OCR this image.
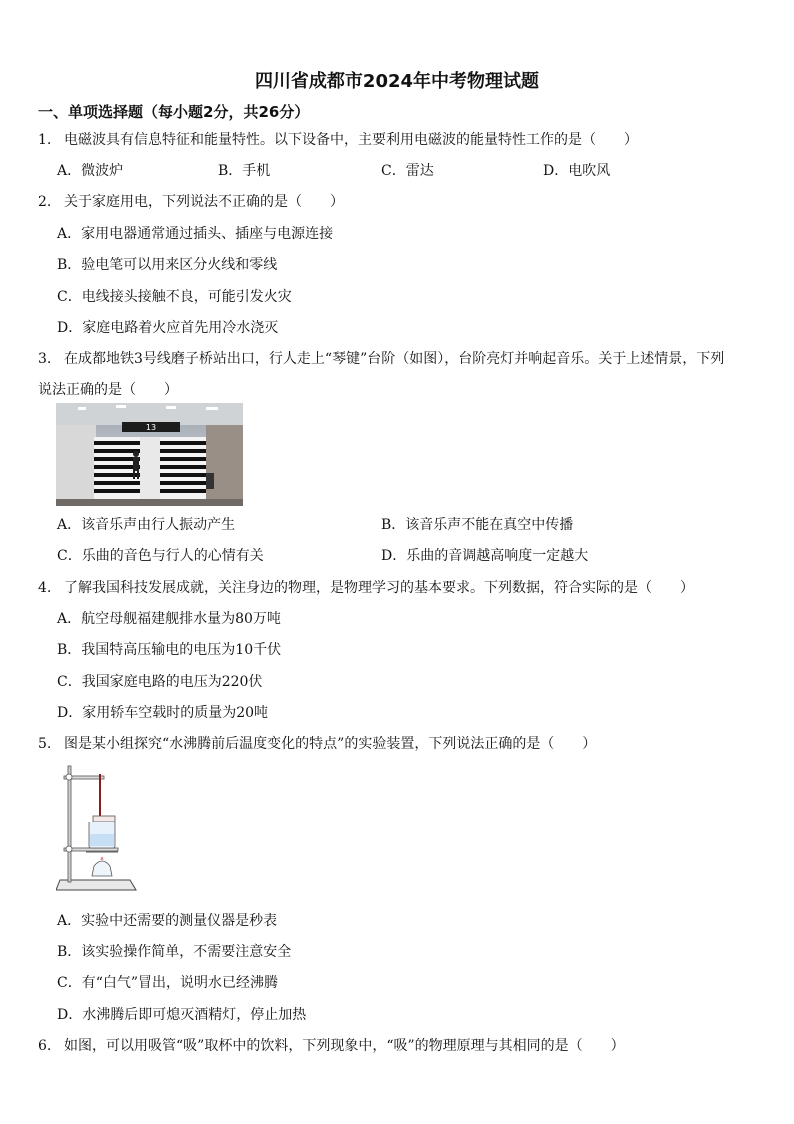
四川省成都市2024年中考物理试题
一、单项选择题（每小题2分，共26分）
1. 电磁波具有信息特征和能量特性。以下设备中，主要利用电磁波的能量特性工作的是（　　）
A．微波炉	B．手机	C．雷达	D．电吹风
2. 关于家庭用电，下列说法不正确的是（　　）
A．家用电器通常通过插头、插座与电源连接
B．验电笔可以用来区分火线和零线
C．电线接头接触不良，可能引发火灾
D．家庭电路着火应首先用冷水浇灭
3. 在成都地铁3号线磨子桥站出口，行人走上“琴键”台阶（如图），台阶亮灯并响起音乐。关于上述情景，下列
说法正确的是（　　）
13
A．该音乐声由行人振动产生	B．该音乐声不能在真空中传播
C．乐曲的音色与行人的心情有关	D．乐曲的音调越高响度一定越大
4. 了解我国科技发展成就，关注身边的物理，是物理学习的基本要求。下列数据，符合实际的是（　　）
A．航空母舰福建舰排水量为80万吨
B．我国特高压输电的电压为10千伏
C．我国家庭电路的电压为220伏
D．家用轿车空载时的质量为20吨
5. 图是某小组探究“水沸腾前后温度变化的特点”的实验装置，下列说法正确的是（　　）
A．实验中还需要的测量仪器是秒表
B．该实验操作简单，不需要注意安全
C．有“白气”冒出，说明水已经沸腾
D．水沸腾后即可熄灭酒精灯，停止加热
6. 如图，可以用吸管“吸”取杯中的饮料，下列现象中，“吸”的物理原理与其相同的是（　　）
